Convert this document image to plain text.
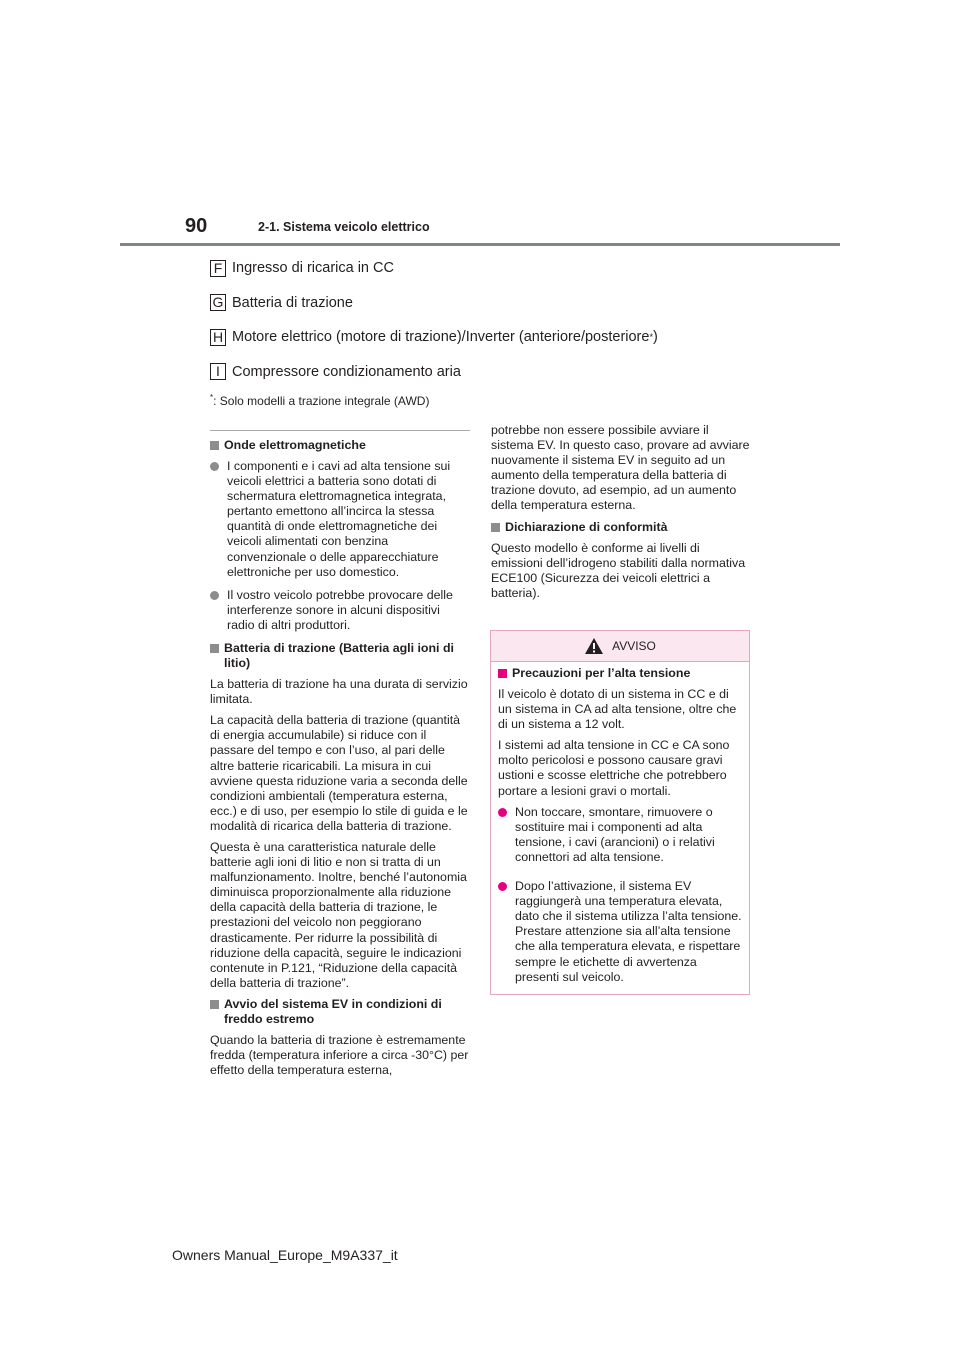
90	2-1. Sistema veicolo elettrico
F Ingresso di ricarica in CC
G Batteria di trazione
H Motore elettrico (motore di trazione)/Inverter (anteriore/posteriore * )
I Compressore condizionamento aria
*: Solo modelli a trazione integrale (AWD)
Onde elettromagnetiche
I componenti e i cavi ad alta tensione sui veicoli elettrici a batteria sono dotati di schermatura elettromagnetica integrata, pertanto emettono all’incirca la stessa quantità di onde elettromagnetiche dei veicoli alimentati con benzina convenzionale o delle apparecchiature elettroniche per uso domestico.
Il vostro veicolo potrebbe provocare delle interferenze sonore in alcuni dispositivi radio di altri produttori.
Batteria di trazione (Batteria agli ioni di litio)

La batteria di trazione ha una durata di servizio limitata.

La capacità della batteria di trazione (quantità di energia accumulabile) si riduce con il passare del tempo e con l’uso, al pari delle altre batterie ricaricabili. La misura in cui avviene questa riduzione varia a seconda delle condizioni ambientali (temperatura esterna, ecc.) e di uso, per esempio lo stile di guida e le modalità di ricarica della batteria di trazione.

Questa è una caratteristica naturale delle batterie agli ioni di litio e non si tratta di un malfunzionamento. Inoltre, benché l’autonomia diminuisca proporzionalmente alla riduzione della capacità della batteria di trazione, le prestazioni del veicolo non peggiorano drasticamente. Per ridurre la possibilità di riduzione della capacità, seguire le indicazioni contenute in P.121, “Riduzione della capacità della batteria di trazione”.

Avvio del sistema EV in condizioni di freddo estremo

Quando la batteria di trazione è estremamente fredda (temperatura inferiore a circa -30°C) per effetto della temperatura esterna,

potrebbe non essere possibile avviare il sistema EV. In questo caso, provare ad avviare nuovamente il sistema EV in seguito ad un aumento della temperatura della batteria di trazione dovuto, ad esempio, ad un aumento della temperatura esterna.

Dichiarazione di conformità

Questo modello è conforme ai livelli di emissioni dell’idrogeno stabiliti dalla normativa ECE100 (Sicurezza dei veicoli elettrici a batteria).

AVVISO
Precauzioni per l’alta tensione

Il veicolo è dotato di un sistema in CC e di un sistema in CA ad alta tensione, oltre che di un sistema a 12 volt.

I sistemi ad alta tensione in CC e CA sono molto pericolosi e possono causare gravi ustioni e scosse elettriche che potrebbero portare a lesioni gravi o mortali.

Non toccare, smontare, rimuovere o sostituire mai i componenti ad alta tensione, i cavi (arancioni) o i relativi connettori ad alta tensione.
Dopo l’attivazione, il sistema EV raggiungerà una temperatura elevata, dato che il sistema utilizza l’alta tensione. Prestare attenzione sia all’alta tensione che alla temperatura elevata, e rispettare sempre le etichette di avvertenza presenti sul veicolo.
Owners Manual_Europe_M9A337_it
